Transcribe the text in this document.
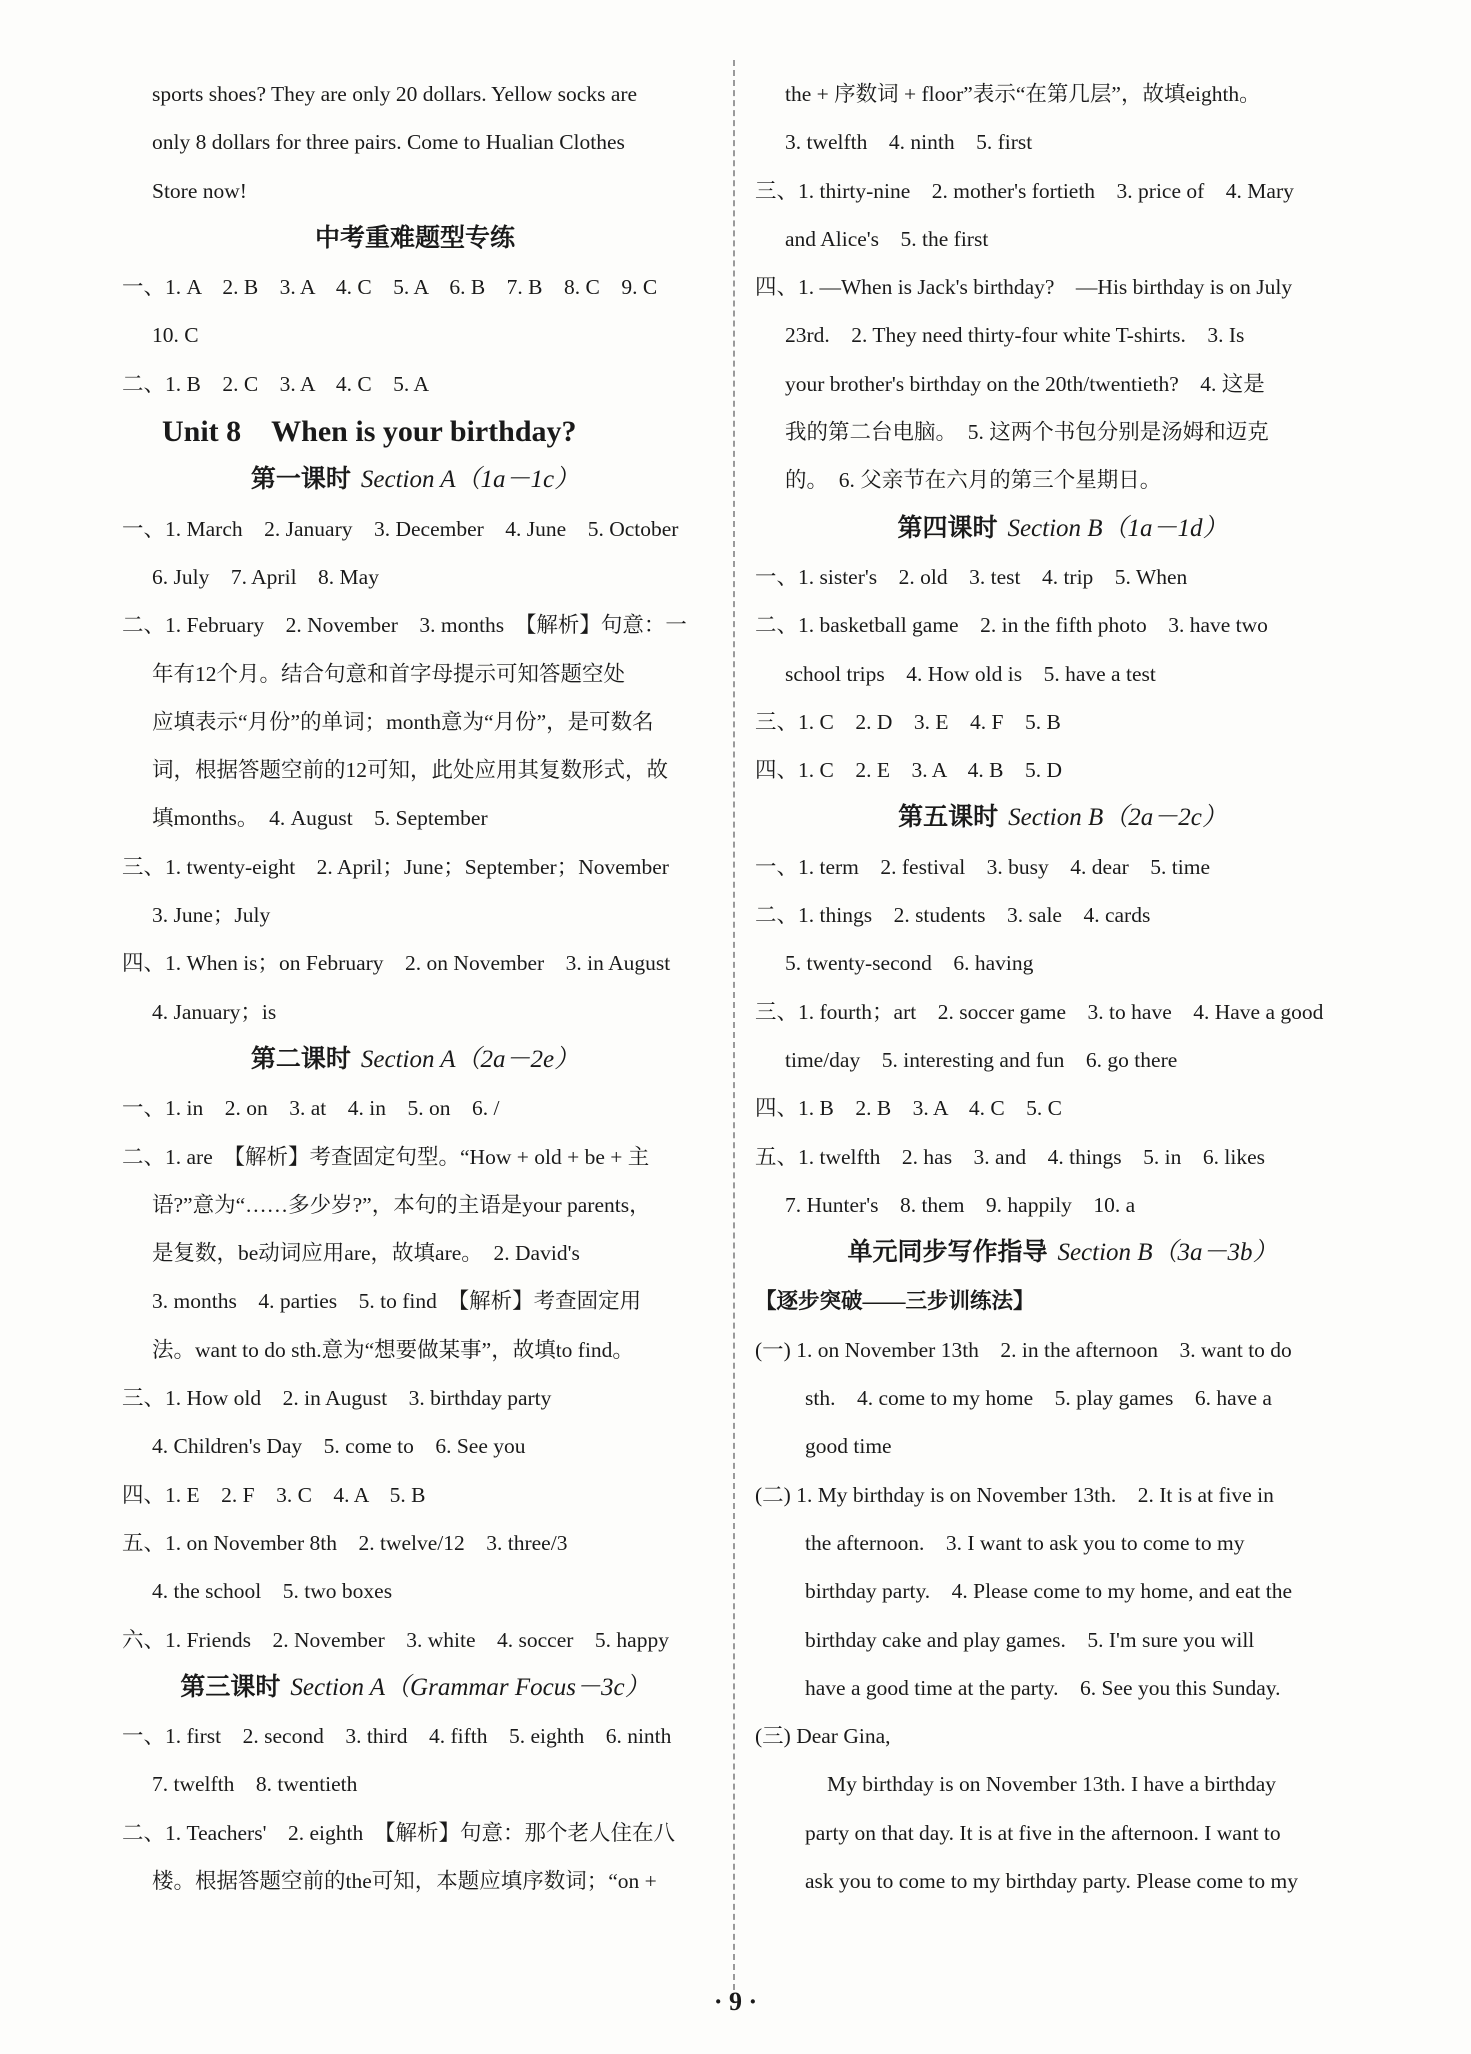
sports shoes? They are only 20 dollars. Yellow socks are
only 8 dollars for three pairs. Come to Hualian Clothes
Store now!
中考重难题型专练
一、1. A　2. B　3. A　4. C　5. A　6. B　7. B　8. C　9. C
10. C
二、1. B　2. C　3. A　4. C　5. A
Unit 8　When is your birthday?
第一课时 Section A（1a－1c）
一、1. March　2. January　3. December　4. June　5. October
6. July　7. April　8. May
二、1. February　2. November　3. months　【解析】句意：一
年有12个月。结合句意和首字母提示可知答题空处
应填表示“月份”的单词；month意为“月份”，是可数名
词，根据答题空前的12可知，此处应用其复数形式，故
填months。　4. August　5. September
三、1. twenty-eight　2. April；June；September；November
3. June；July
四、1. When is；on February　2. on November　3. in August
4. January；is
第二课时 Section A（2a－2e）
一、1. in　2. on　3. at　4. in　5. on　6. /
二、1. are　【解析】考查固定句型。“How + old + be + 主
语?”意为“……多少岁?”，本句的主语是your parents，
是复数，be动词应用are，故填are。　2. David's
3. months　4. parties　5. to find　【解析】考查固定用
法。want to do sth.意为“想要做某事”，故填to find。
三、1. How old　2. in August　3. birthday party
4. Children's Day　5. come to　6. See you
四、1. E　2. F　3. C　4. A　5. B
五、1. on November 8th　2. twelve/12　3. three/3
4. the school　5. two boxes
六、1. Friends　2. November　3. white　4. soccer　5. happy
第三课时 Section A（Grammar Focus－3c）
一、1. first　2. second　3. third　4. fifth　5. eighth　6. ninth
7. twelfth　8. twentieth
二、1. Teachers'　2. eighth　【解析】句意：那个老人住在八
楼。根据答题空前的the可知，本题应填序数词；“on +
the + 序数词 + floor”表示“在第几层”，故填eighth。
3. twelfth　4. ninth　5. first
三、1. thirty-nine　2. mother's fortieth　3. price of　4. Mary
and Alice's　5. the first
四、1. —When is Jack's birthday?　—His birthday is on July
23rd.　2. They need thirty-four white T-shirts.　3. Is
your brother's birthday on the 20th/twentieth?　4. 这是
我的第二台电脑。　5. 这两个书包分别是汤姆和迈克
的。　6. 父亲节在六月的第三个星期日。
第四课时 Section B（1a－1d）
一、1. sister's　2. old　3. test　4. trip　5. When
二、1. basketball game　2. in the fifth photo　3. have two
school trips　4. How old is　5. have a test
三、1. C　2. D　3. E　4. F　5. B
四、1. C　2. E　3. A　4. B　5. D
第五课时 Section B（2a－2c）
一、1. term　2. festival　3. busy　4. dear　5. time
二、1. things　2. students　3. sale　4. cards
5. twenty-second　6. having
三、1. fourth；art　2. soccer game　3. to have　4. Have a good
time/day　5. interesting and fun　6. go there
四、1. B　2. B　3. A　4. C　5. C
五、1. twelfth　2. has　3. and　4. things　5. in　6. likes
7. Hunter's　8. them　9. happily　10. a
单元同步写作指导 Section B（3a－3b）
【逐步突破——三步训练法】
(一) 1. on November 13th　2. in the afternoon　3. want to do
sth.　4. come to my home　5. play games　6. have a
good time
(二) 1. My birthday is on November 13th.　2. It is at five in
the afternoon.　3. I want to ask you to come to my
birthday party.　4. Please come to my home, and eat the
birthday cake and play games.　5. I'm sure you will
have a good time at the party.　6. See you this Sunday.
(三) Dear Gina,
My birthday is on November 13th. I have a birthday
party on that day. It is at five in the afternoon. I want to
ask you to come to my birthday party. Please come to my
· 9 ·
